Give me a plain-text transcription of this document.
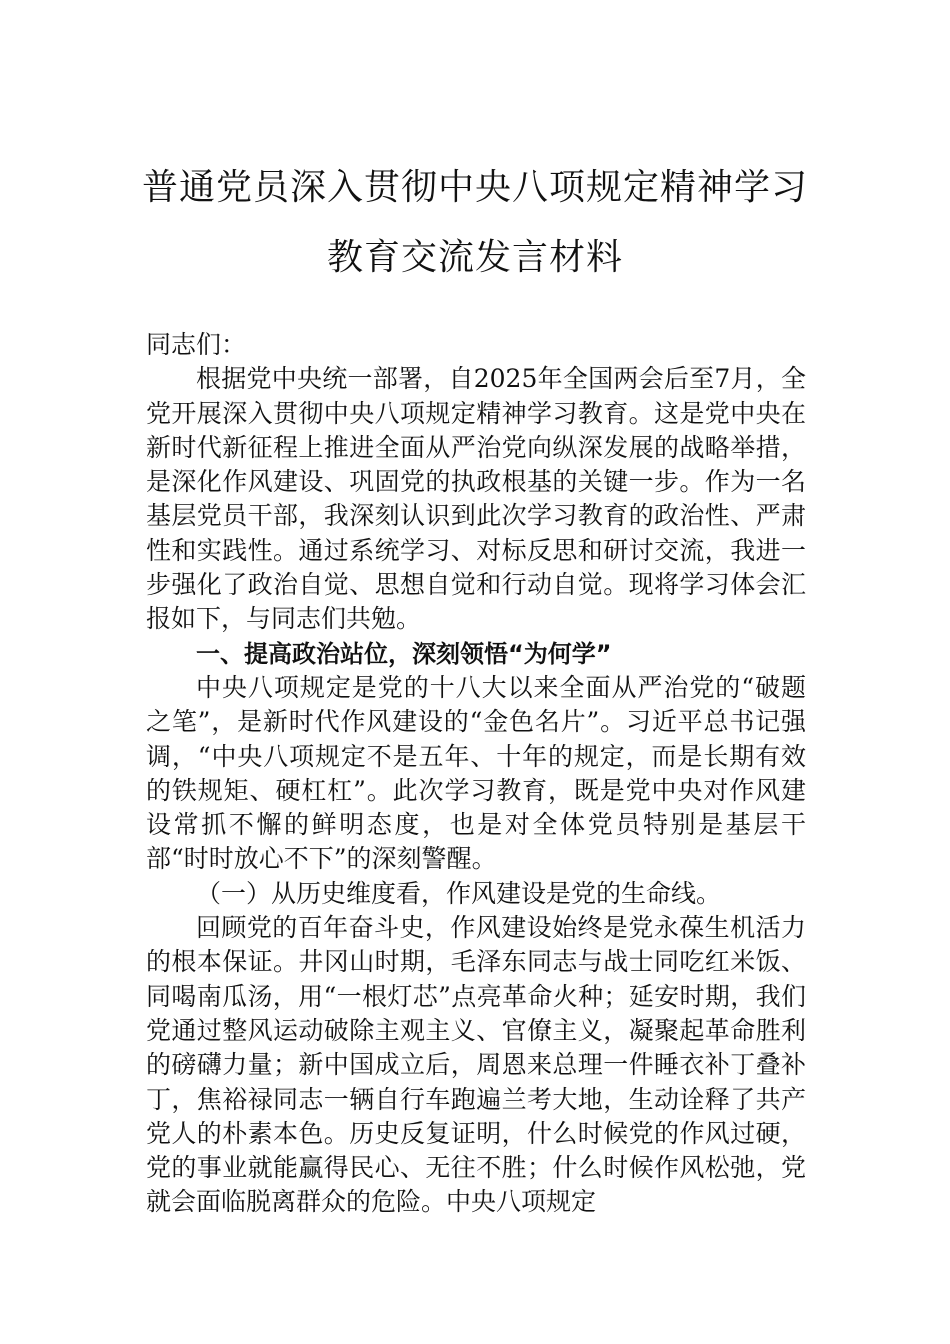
普通党员深入贯彻中央八项规定精神学习
教育交流发言材料

同志们：

根据党中央统一部署，自2025年全国两会后至7月，全党开展深入贯彻中央八项规定精神学习教育。这是党中央在新时代新征程上推进全面从严治党向纵深发展的战略举措，是深化作风建设、巩固党的执政根基的关键一步。作为一名基层党员干部，我深刻认识到此次学习教育的政治性、严肃性和实践性。通过系统学习、对标反思和研讨交流，我进一步强化了政治自觉、思想自觉和行动自觉。现将学习体会汇报如下，与同志们共勉。

一、提高政治站位，深刻领悟“为何学”

中央八项规定是党的十八大以来全面从严治党的“破题之笔”，是新时代作风建设的“金色名片”。习近平总书记强调，“中央八项规定不是五年、十年的规定，而是长期有效的铁规矩、硬杠杠”。此次学习教育，既是党中央对作风建设常抓不懈的鲜明态度，也是对全体党员特别是基层干部“时时放心不下”的深刻警醒。

（一）从历史维度看，作风建设是党的生命线。

回顾党的百年奋斗史，作风建设始终是党永葆生机活力的根本保证。井冈山时期，毛泽东同志与战士同吃红米饭、同喝南瓜汤，用“一根灯芯”点亮革命火种；延安时期，我们党通过整风运动破除主观主义、官僚主义，凝聚起革命胜利的磅礴力量；新中国成立后，周恩来总理一件睡衣补丁叠补丁，焦裕禄同志一辆自行车跑遍兰考大地，生动诠释了共产党人的朴素本色。历史反复证明，什么时候党的作风过硬，党的事业就能赢得民心、无往不胜；什么时候作风松弛，党就会面临脱离群众的危险。中央八项规定
